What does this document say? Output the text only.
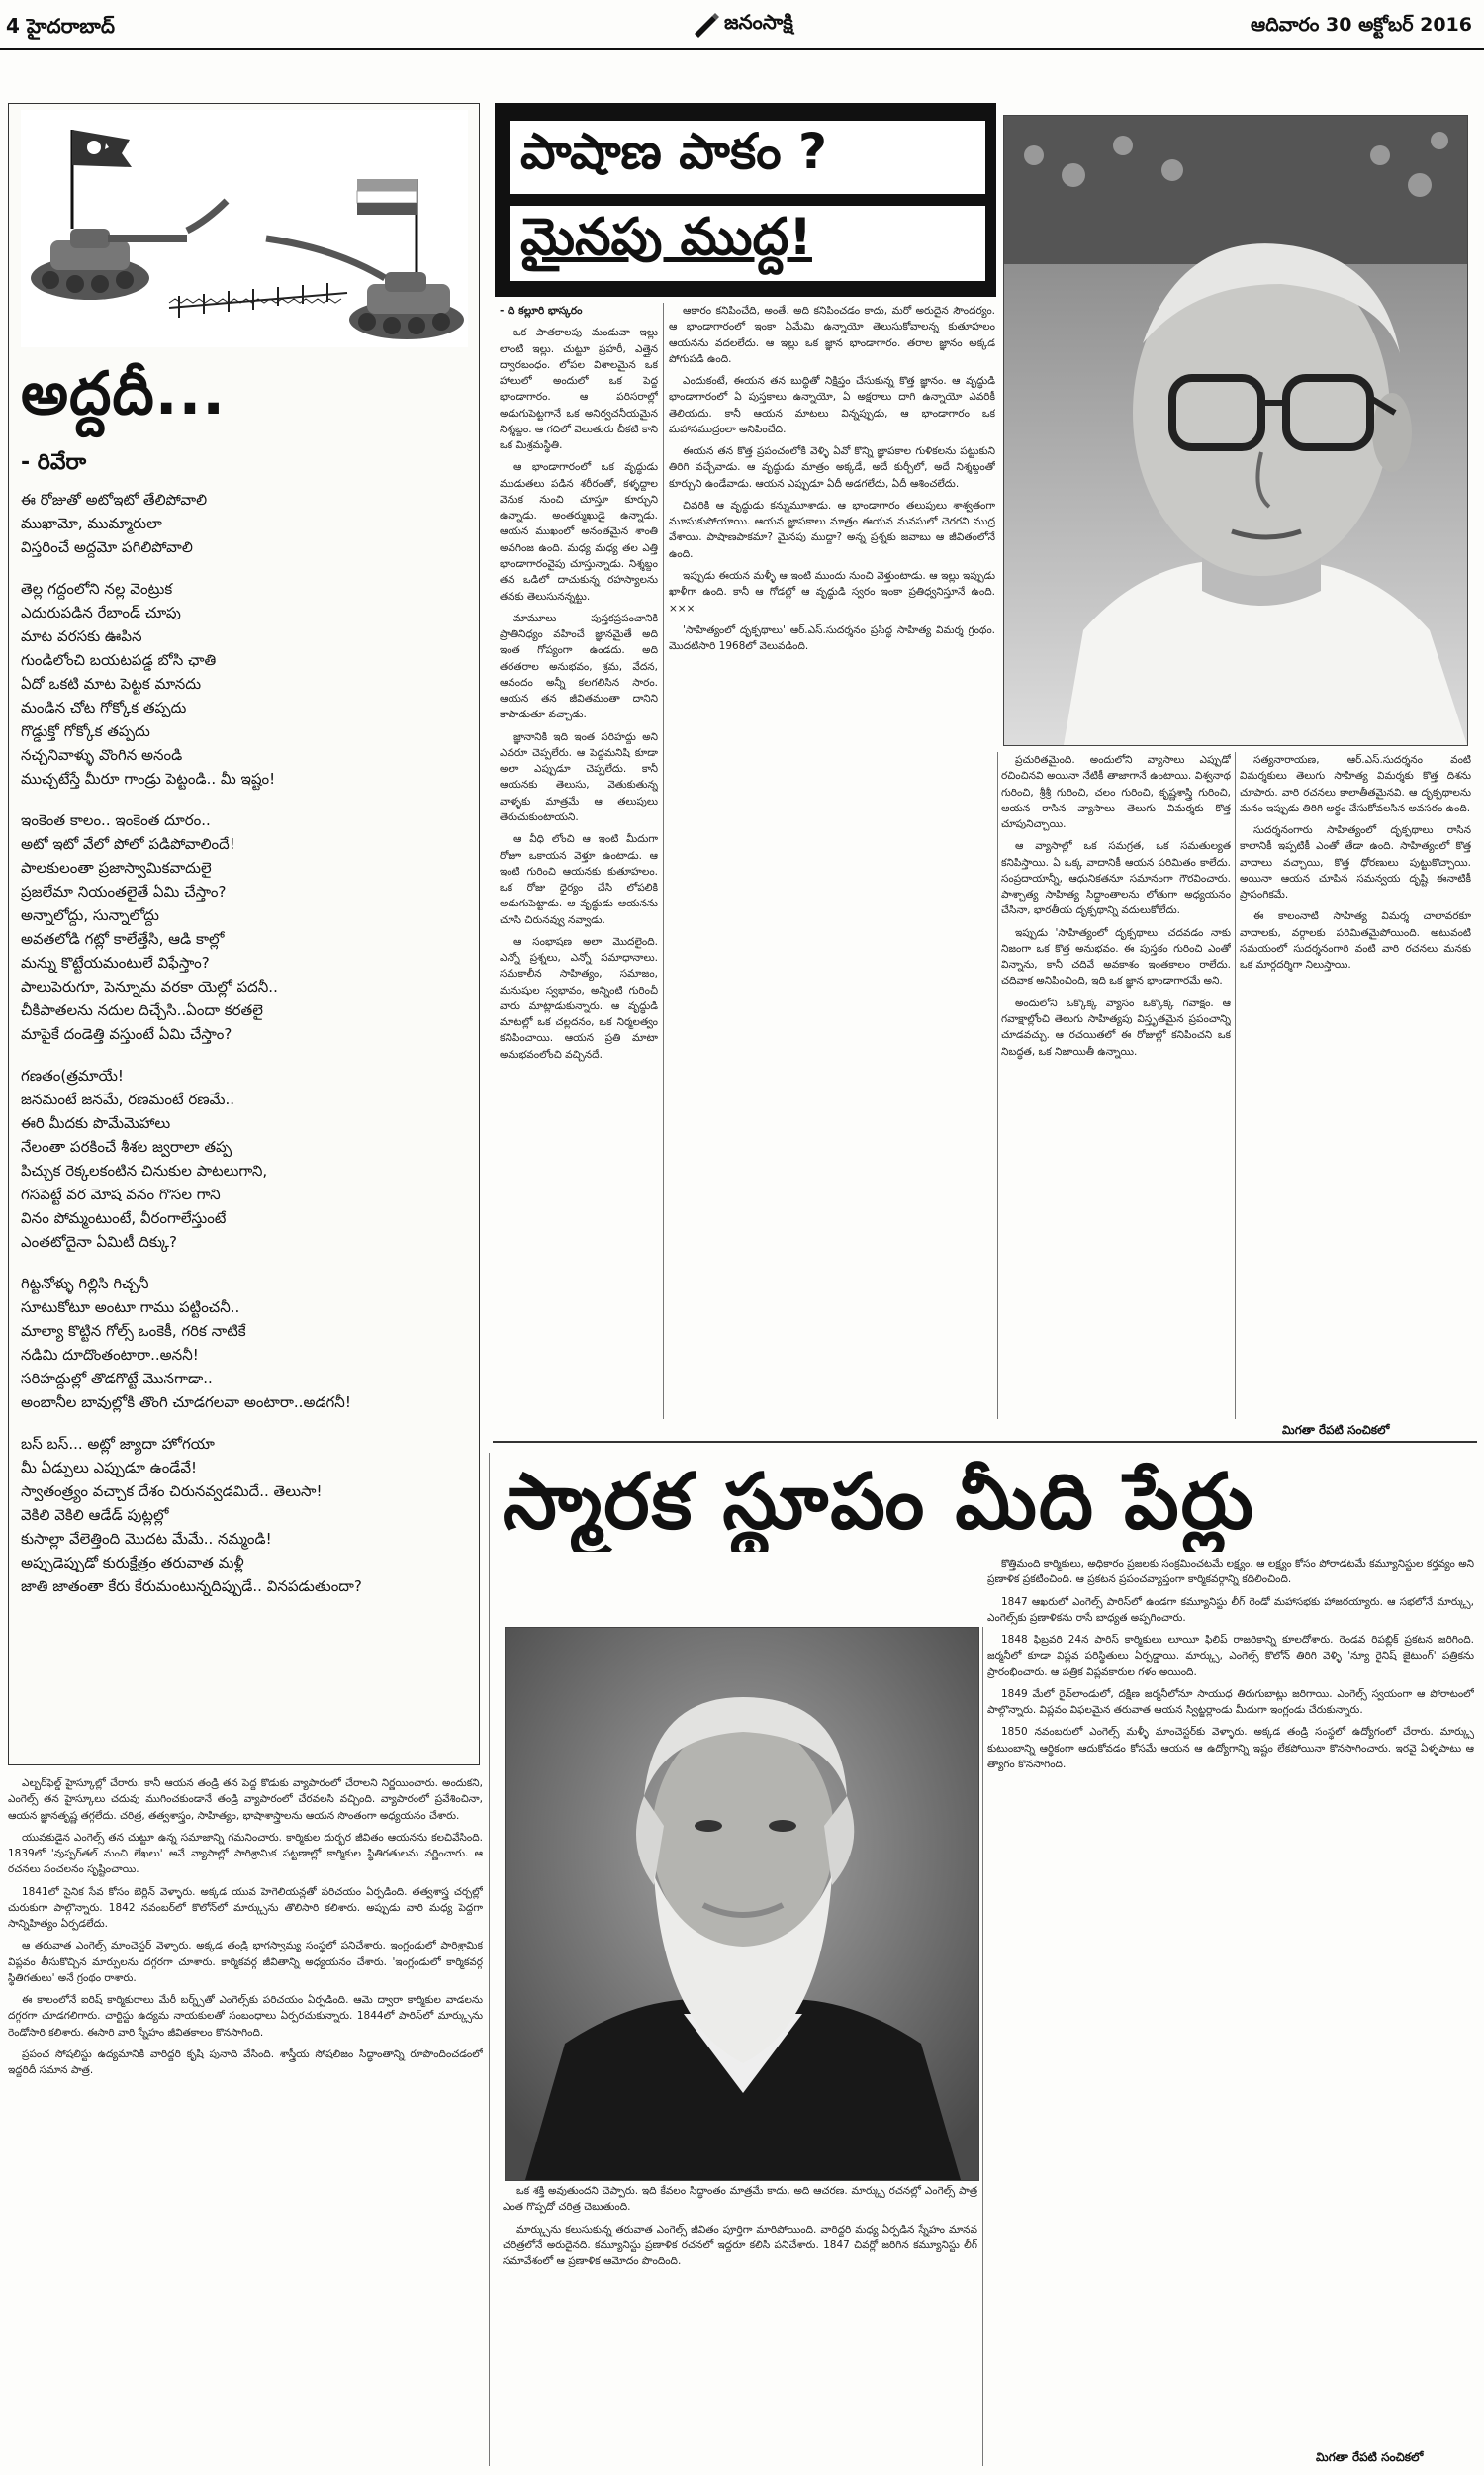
4 హైదరాబాద్	జనంసాక్షి	ఆదివారం 30 అక్టోబర్ 2016
అద్దదీ...
- రివేరా
ఈ రోజుతో అటోఇటో తేలిపోవాలి
ముఖామో, ముమ్మారులా
విస్తరించే అద్దమో పగిలిపోవాలి
తెల్ల గద్దంలోని నల్ల వెంట్రుక
ఎదురుపడిన రేబాండ్ చూపు
మాట వరసకు ఊపిన
గుండిలోంచి బయటపడ్డ బోసి ఛాతి
ఏదో ఒకటి మాట పెట్టక మానదు
మండిన చోట గోక్కోక తప్పదు
గొడ్డుక్తో గోక్కోక తప్పదు
నచ్చనివాళ్ళు వొంగిన అనండి
ముచ్చటేస్తే మీరూ గాండ్రు పెట్టండి.. మీ ఇష్టం!
ఇంకెంత కాలం.. ఇంకెంత దూరం..
అటో ఇటో వేలో పోలో పడిపోవాలిందే!
పాలకులంతా ప్రజాస్వామికవాదులై
ప్రజలేమా నియంతలైతే ఏమి చేస్తాం?
అన్నాలోద్దు, సున్నాలోద్దు
అవతలోడి గట్లో కాలేత్తేసి, ఆడి కాల్లో
మన్ను కొట్టేయమంటులే విఫేస్తాం?
పాలుపెరుగూ, పెన్నూమ వరకా యెల్లో పదనీ..
చీకిపాతలను నదుల దిచ్చేసి..ఏందా కరతలై
మాపైకే దండెత్తి వస్తుంటే ఏమి చేస్తాం?
గణతం(త్రమాయే!
జనమంటే జనమే, రణమంటే రణమే..
ఈరి మీదకు పొమేమెహాలు
నేలంతా పరకించే శీశల జ్వరాలా తప్ప
పిచ్చుక రెక్కలకంటిన చినుకుల పాటలుగాని,
గసపెట్టే వర మోష వనం గొసల గాని
వినం పోమ్మంటుంటే, వీరంగాలేస్తుంటే
ఎంతటోదైనా ఏమిటీ దిక్కు?
గిట్టనోళ్ళు గిల్లిసి గిచ్చనీ
సూటుకోటూ అంటూ గాము పట్టించనీ..
మాల్యా కొట్టిన గోల్స్ ఒంకెకీ, గరిక నాటికే
నడిమి దూదొంతంటారా..అననీ!
సరిహద్దుల్లో తొడగొట్టే మొనగాడా..
అంబానీల బావుల్లోకి తొంగి చూడగలవా అంటారా..అడగనీ!
బస్ బస్... అట్లో జ్యాదా హోగయా
మీ ఏడ్పులు ఎప్పుడూ ఉండేవే!
స్వాతంత్ర్యం వచ్చాక దేశం చిరునవ్వడమిదే.. తెలుసా!
వెకిలి వెకిలి ఆడేడ్ పుట్లల్లో
కుసాల్లా వేలెత్తింది మొదట మేమే.. నమ్మండి!
అప్పుడెప్పుడో కురుక్షేత్రం తరువాత మళ్లీ
జాతి జాతంతా కేరు కేరుమంటున్నదిప్పుడే.. వినపడుతుందా?
పాషాణ పాకం ?
మైనపు ముద్ద!
- ది కల్లూరి భాస్కరం

ఒక పాతకాలపు మండువా ఇల్లు లాంటి ఇల్లు. చుట్టూ ప్రహరీ, ఎత్తైన ద్వారబంధం. లోపల విశాలమైన ఒక హాలులో అందులో ఒక పెద్ద భాండాగారం. ఆ పరిసరాల్లో అడుగుపెట్టగానే ఒక అనిర్వచనీయమైన నిశ్శబ్దం. ఆ గదిలో వెలుతురు చీకటి కాని ఒక మిశ్రమస్థితి.

ఆ భాండాగారంలో ఒక వృద్ధుడు ముడుతలు పడిన శరీరంతో, కళ్ళద్దాల వెనుక నుంచి చూస్తూ కూర్చుని ఉన్నాడు. అంతర్ముఖుడై ఉన్నాడు. ఆయన ముఖంలో అనంతమైన శాంతి అవగింజ ఉంది. మధ్య మధ్య తల ఎత్తి భాండాగారంవైపు చూస్తున్నాడు. నిశ్శబ్దం తన ఒడిలో దాచుకున్న రహస్యాలను తనకు తెలుసునన్నట్టు.

మామూలు పుస్తకప్రపంచానికి ప్రాతినిధ్యం వహించే జ్ఞానమైతే అది ఇంత గోప్యంగా ఉండదు. అది తరతరాల అనుభవం, శ్రమ, వేదన, ఆనందం అన్నీ కలగలిసిన సారం. ఆయన తన జీవితమంతా దానిని కాపాడుతూ వచ్చాడు.

జ్ఞానానికి ఇది ఇంత సరిహద్దు అని ఎవరూ చెప్పలేరు. ఆ పెద్దమనిషి కూడా అలా ఎప్పుడూ చెప్పలేదు. కానీ ఆయనకు తెలుసు, వెతుకుతున్న వాళ్ళకు మాత్రమే ఆ తలుపులు తెరుచుకుంటాయని.

ఆ వీధి లోంచి ఆ ఇంటి మీదుగా రోజూ ఒకాయన వెళ్తూ ఉంటాడు. ఆ ఇంటి గురించి ఆయనకు కుతూహలం. ఒక రోజు ధైర్యం చేసి లోపలికి అడుగుపెట్టాడు. ఆ వృద్ధుడు ఆయనను చూసి చిరునవ్వు నవ్వాడు.

ఆ సంభాషణ అలా మొదలైంది. ఎన్నో ప్రశ్నలు, ఎన్నో సమాధానాలు. సమకాలీన సాహిత్యం, సమాజం, మనుషుల స్వభావం, అన్నింటి గురించీ వారు మాట్లాడుకున్నారు. ఆ వృద్ధుడి మాటల్లో ఒక చల్లదనం, ఒక నిర్మలత్వం కనిపించాయి. ఆయన ప్రతి మాటా అనుభవంలోంచి వచ్చినదే.

ఆకారం కనిపించేది, అంతే. అది కనిపించడం కాదు, మరో అరుదైన సౌందర్యం. ఆ భాండాగారంలో ఇంకా ఏమేమి ఉన్నాయో తెలుసుకోవాలన్న కుతూహలం ఆయనను వదలలేదు. ఆ ఇల్లు ఒక జ్ఞాన భాండాగారం. తరాల జ్ఞానం అక్కడ పోగుపడి ఉంది.

ఎందుకంటే, ఈయన తన బుద్ధితో నిక్షిప్తం చేసుకున్న కొత్త జ్ఞానం. ఆ వృద్ధుడి భాండాగారంలో ఏ పుస్తకాలు ఉన్నాయో, ఏ అక్షరాలు దాగి ఉన్నాయో ఎవరికీ తెలియదు. కానీ ఆయన మాటలు విన్నప్పుడు, ఆ భాండాగారం ఒక మహాసముద్రంలా అనిపించేది.

ఈయన తన కొత్త ప్రపంచంలోకి వెళ్ళి ఏవో కొన్ని జ్ఞాపకాల గుళికలను పట్టుకుని తిరిగి వచ్చేవాడు. ఆ వృద్ధుడు మాత్రం అక్కడే, అదే కుర్చీలో, అదే నిశ్శబ్దంతో కూర్చుని ఉండేవాడు. ఆయన ఎప్పుడూ ఏదీ అడగలేదు, ఏదీ ఆశించలేదు.

చివరికి ఆ వృద్ధుడు కన్నుమూశాడు. ఆ భాండాగారం తలుపులు శాశ్వతంగా మూసుకుపోయాయి. ఆయన జ్ఞాపకాలు మాత్రం ఈయన మనసులో చెరగని ముద్ర వేశాయి. పాషాణపాకమా? మైనపు ముద్దా? అన్న ప్రశ్నకు జవాబు ఆ జీవితంలోనే ఉంది.

ఇప్పుడు ఈయన మళ్ళీ ఆ ఇంటి ముందు నుంచి వెళ్తుంటాడు. ఆ ఇల్లు ఇప్పుడు ఖాళీగా ఉంది. కానీ ఆ గోడల్లో ఆ వృద్ధుడి స్వరం ఇంకా ప్రతిధ్వనిస్తూనే ఉంది. ×××

'సాహిత్యంలో దృక్పథాలు' ఆర్.ఎస్.సుదర్శనం ప్రసిద్ధ సాహిత్య విమర్శ గ్రంథం. మొదటిసారి 1968లో వెలువడింది.

ప్రచురితమైంది. అందులోని వ్యాసాలు ఎప్పుడో రచించినవి అయినా నేటికీ తాజాగానే ఉంటాయి. విశ్వనాథ గురించి, శ్రీశ్రీ గురించి, చలం గురించి, కృష్ణశాస్త్రి గురించి, ఆయన రాసిన వ్యాసాలు తెలుగు విమర్శకు కొత్త చూపునిచ్చాయి.

ఆ వ్యాసాల్లో ఒక సమగ్రత, ఒక సమతుల్యత కనిపిస్తాయి. ఏ ఒక్క వాదానికీ ఆయన పరిమితం కాలేదు. సంప్రదాయాన్నీ, ఆధునికతనూ సమానంగా గౌరవించారు. పాశ్చాత్య సాహిత్య సిద్ధాంతాలను లోతుగా అధ్యయనం చేసినా, భారతీయ దృక్పథాన్ని వదులుకోలేదు.

ఇప్పుడు 'సాహిత్యంలో దృక్పథాలు' చదవడం నాకు నిజంగా ఒక కొత్త అనుభవం. ఈ పుస్తకం గురించి ఎంతో విన్నాను, కానీ చదివే అవకాశం ఇంతకాలం రాలేదు. చదివాక అనిపించింది, ఇది ఒక జ్ఞాన భాండాగారమే అని.

అందులోని ఒక్కొక్క వ్యాసం ఒక్కొక్క గవాక్షం. ఆ గవాక్షాల్లోంచి తెలుగు సాహిత్యపు విస్తృతమైన ప్రపంచాన్ని చూడవచ్చు. ఆ రచయితలో ఈ రోజుల్లో కనిపించని ఒక నిబద్ధత, ఒక నిజాయితీ ఉన్నాయి.

సత్యనారాయణ, ఆర్.ఎస్.సుదర్శనం వంటి విమర్శకులు తెలుగు సాహిత్య విమర్శకు కొత్త దిశను చూపారు. వారి రచనలు కాలాతీతమైనవి. ఆ దృక్పథాలను మనం ఇప్పుడు తిరిగి అర్థం చేసుకోవలసిన అవసరం ఉంది.

సుదర్శనంగారు సాహిత్యంలో దృక్పథాలు రాసిన కాలానికీ ఇప్పటికీ ఎంతో తేడా ఉంది. సాహిత్యంలో కొత్త వాదాలు వచ్చాయి, కొత్త ధోరణులు పుట్టుకొచ్చాయి. అయినా ఆయన చూపిన సమన్వయ దృష్టి ఈనాటికీ ప్రాసంగికమే.

ఈ కాలంనాటి సాహిత్య విమర్శ చాలావరకూ వాదాలకు, వర్గాలకు పరిమితమైపోయింది. అటువంటి సమయంలో సుదర్శనంగారి వంటి వారి రచనలు మనకు ఒక మార్గదర్శిగా నిలుస్తాయి.

మిగతా రేపటి సంచికలో
స్మారక స్థూపం మీది పేర్లు

ఒక శక్తి అవుతుందని చెప్పారు. ఇది కేవలం సిద్ధాంతం మాత్రమే కాదు, అది ఆచరణ. మార్క్సు రచనల్లో ఎంగెల్స్ పాత్ర ఎంత గొప్పదో చరిత్ర చెబుతుంది.

మార్క్సును కలుసుకున్న తరువాత ఎంగెల్స్ జీవితం పూర్తిగా మారిపోయింది. వారిద్దరి మధ్య ఏర్పడిన స్నేహం మానవ చరిత్రలోనే అరుదైనది. కమ్యూనిస్టు ప్రణాళిక రచనలో ఇద్దరూ కలిసి పనిచేశారు. 1847 చివర్లో జరిగిన కమ్యూనిస్టు లీగ్ సమావేశంలో ఆ ప్రణాళిక ఆమోదం పొందింది.

ఎల్బర్‌ఫెల్డ్ హైస్కూల్లో చేరారు. కానీ ఆయన తండ్రి తన పెద్ద కొడుకు వ్యాపారంలో చేరాలని నిర్ణయించారు. అందుకని, ఎంగెల్స్ తన హైస్కూలు చదువు ముగించకుండానే తండ్రి వ్యాపారంలో చేరవలసి వచ్చింది. వ్యాపారంలో ప్రవేశించినా, ఆయన జ్ఞానతృష్ణ తగ్గలేదు. చరిత్ర, తత్వశాస్త్రం, సాహిత్యం, భాషాశాస్త్రాలను ఆయన సొంతంగా అధ్యయనం చేశారు.

యువకుడైన ఎంగెల్స్ తన చుట్టూ ఉన్న సమాజాన్ని గమనించారు. కార్మికుల దుర్భర జీవితం ఆయనను కలచివేసింది. 1839లో 'వుప్పర్‌తల్ నుంచి లేఖలు' అనే వ్యాసాల్లో పారిశ్రామిక పట్టణాల్లో కార్మికుల స్థితిగతులను వర్ణించారు. ఆ రచనలు సంచలనం సృష్టించాయి.

1841లో సైనిక సేవ కోసం బెర్లిన్ వెళ్ళారు. అక్కడ యువ హెగెలియన్లతో పరిచయం ఏర్పడింది. తత్వశాస్త్ర చర్చల్లో చురుకుగా పాల్గొన్నారు. 1842 నవంబర్‌లో కొలోన్‌లో మార్క్సును తొలిసారి కలిశారు. అప్పుడు వారి మధ్య పెద్దగా సాన్నిహిత్యం ఏర్పడలేదు.

ఆ తరువాత ఎంగెల్స్ మాంచెస్టర్ వెళ్ళారు. అక్కడ తండ్రి భాగస్వామ్య సంస్థలో పనిచేశారు. ఇంగ్లండులో పారిశ్రామిక విప్లవం తీసుకొచ్చిన మార్పులను దగ్గరగా చూశారు. కార్మికవర్గ జీవితాన్ని అధ్యయనం చేశారు. 'ఇంగ్లండులో కార్మికవర్గ స్థితిగతులు' అనే గ్రంథం రాశారు.

ఈ కాలంలోనే ఐరిష్ కార్మికురాలు మేరీ బర్న్స్‌తో ఎంగెల్స్‌కు పరిచయం ఏర్పడింది. ఆమె ద్వారా కార్మికుల వాడలను దగ్గరగా చూడగలిగారు. చార్టిస్టు ఉద్యమ నాయకులతో సంబంధాలు ఏర్పరచుకున్నారు. 1844లో పారిస్‌లో మార్క్సును రెండోసారి కలిశారు. ఈసారి వారి స్నేహం జీవితకాలం కొనసాగింది.

ప్రపంచ సోషలిస్టు ఉద్యమానికి వారిద్దరి కృషి పునాది వేసింది. శాస్త్రీయ సోషలిజం సిద్ధాంతాన్ని రూపొందించడంలో ఇద్దరిదీ సమాన పాత్ర.

కొత్తిమంది కార్మికులు, అధికారం ప్రజలకు సంక్రమించటమే లక్ష్యం. ఆ లక్ష్యం కోసం పోరాడటమే కమ్యూనిస్టుల కర్తవ్యం అని ప్రణాళిక ప్రకటించింది. ఆ ప్రకటన ప్రపంచవ్యాప్తంగా కార్మికవర్గాన్ని కదిలించింది.

1847 ఆఖరులో ఎంగెల్స్ పారిస్‌లో ఉండగా కమ్యూనిస్టు లీగ్ రెండో మహాసభకు హాజరయ్యారు. ఆ సభలోనే మార్క్సు, ఎంగెల్స్‌కు ప్రణాళికను రాసే బాధ్యత అప్పగించారు.

1848 ఫిబ్రవరి 24న పారిస్ కార్మికులు లూయీ ఫిలిప్ రాజరికాన్ని కూలదోశారు. రెండవ రిపబ్లిక్ ప్రకటన జరిగింది. జర్మనీలో కూడా విప్లవ పరిస్థితులు ఏర్పడ్డాయి. మార్క్సు, ఎంగెల్స్ కొలోన్ తిరిగి వెళ్ళి 'న్యూ రైనిష్ జైటుంగ్' పత్రికను ప్రారంభించారు. ఆ పత్రిక విప్లవకారుల గళం అయింది.

1849 మేలో రైన్‌లాండులో, దక్షిణ జర్మనీలోనూ సాయుధ తిరుగుబాట్లు జరిగాయి. ఎంగెల్స్ స్వయంగా ఆ పోరాటంలో పాల్గొన్నారు. విప్లవం విఫలమైన తరువాత ఆయన స్విట్జర్లాండు మీదుగా ఇంగ్లండు చేరుకున్నారు.

1850 నవంబరులో ఎంగెల్స్ మళ్ళీ మాంచెస్టర్‌కు వెళ్ళారు. అక్కడ తండ్రి సంస్థలో ఉద్యోగంలో చేరారు. మార్క్సు కుటుంబాన్ని ఆర్థికంగా ఆదుకోవడం కోసమే ఆయన ఆ ఉద్యోగాన్ని ఇష్టం లేకపోయినా కొనసాగించారు. ఇరవై ఏళ్ళపాటు ఆ త్యాగం కొనసాగింది.

మిగతా రేపటి సంచికలో
